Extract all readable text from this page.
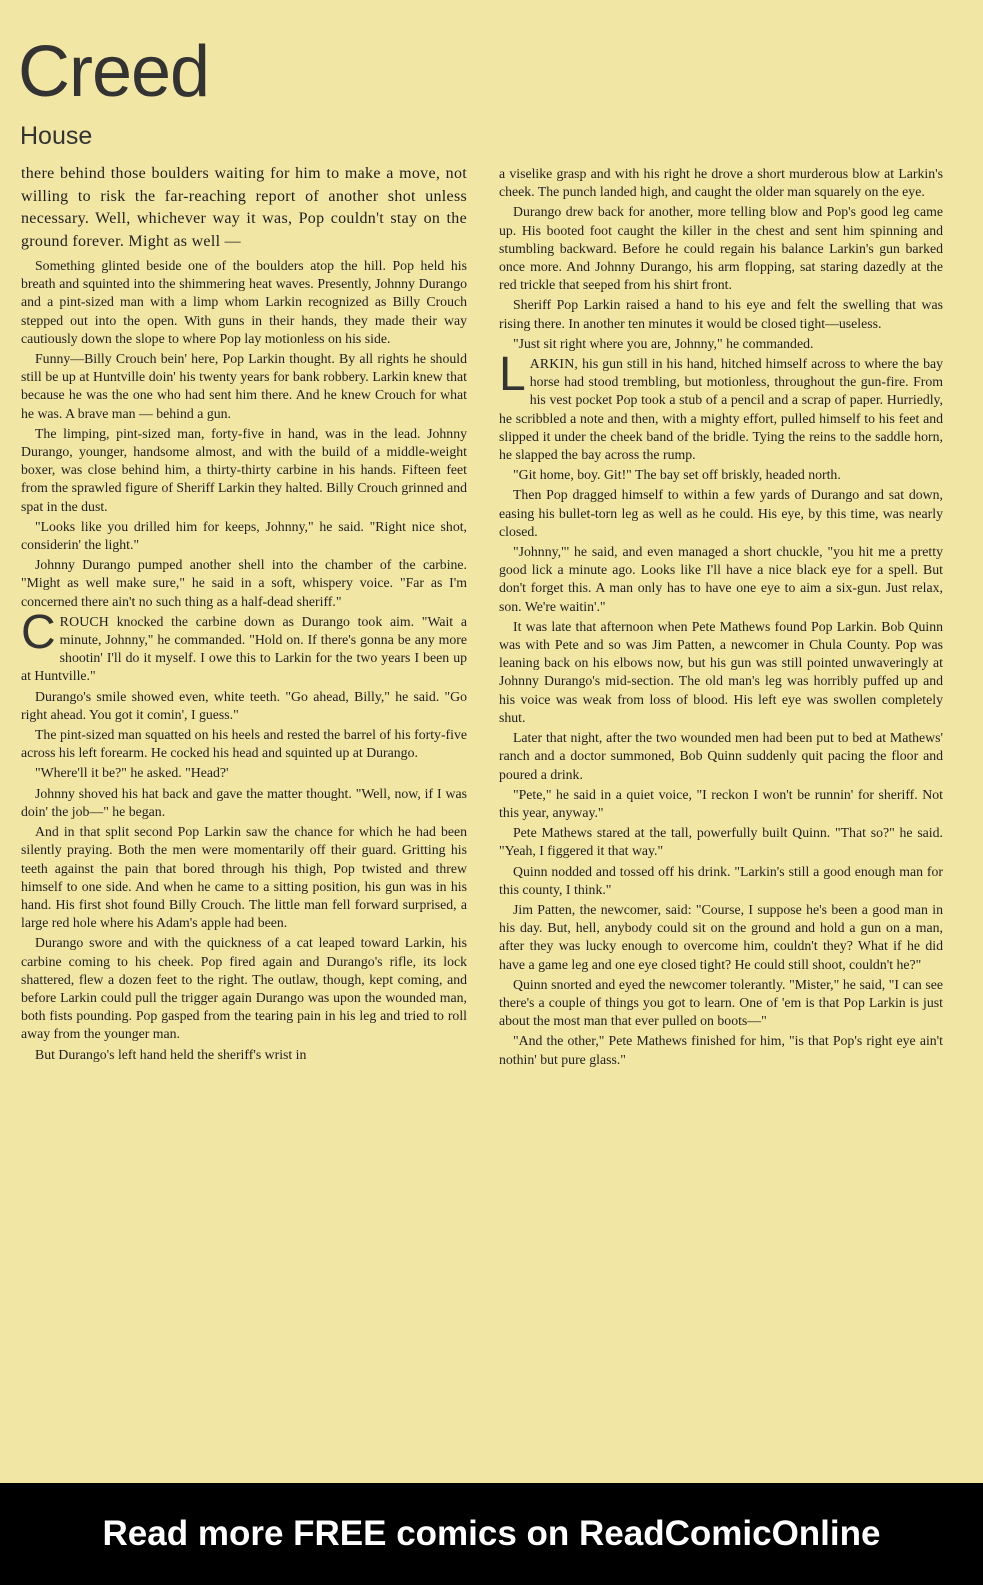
Creed
House

there behind those boulders waiting for him to make a move, not willing to risk the far-reaching report of another shot unless necessary. Well, whichever way it was, Pop couldn't stay on the ground forever. Might as well —

Something glinted beside one of the boulders atop the hill. Pop held his breath and squinted into the shimmering heat waves. Presently, Johnny Durango and a pint-sized man with a limp whom Larkin recognized as Billy Crouch stepped out into the open. With guns in their hands, they made their way cautiously down the slope to where Pop lay motionless on his side.

Funny—Billy Crouch bein' here, Pop Larkin thought. By all rights he should still be up at Huntville doin' his twenty years for bank robbery. Larkin knew that because he was the one who had sent him there. And he knew Crouch for what he was. A brave man — behind a gun.

The limping, pint-sized man, forty-five in hand, was in the lead. Johnny Durango, younger, handsome almost, and with the build of a middle-weight boxer, was close behind him, a thirty-thirty carbine in his hands. Fifteen feet from the sprawled figure of Sheriff Larkin they halted. Billy Crouch grinned and spat in the dust.

"Looks like you drilled him for keeps, Johnny," he said. "Right nice shot, considerin' the light."

Johnny Durango pumped another shell into the chamber of the carbine. "Might as well make sure," he said in a soft, whispery voice. "Far as I'm concerned there ain't no such thing as a half-dead sheriff."

CROUCH knocked the carbine down as Durango took aim. "Wait a minute, Johnny," he commanded. "Hold on. If there's gonna be any more shootin' I'll do it myself. I owe this to Larkin for the two years I been up at Huntville."

Durango's smile showed even, white teeth. "Go ahead, Billy," he said. "Go right ahead. You got it comin', I guess."

The pint-sized man squatted on his heels and rested the barrel of his forty-five across his left forearm. He cocked his head and squinted up at Durango.

"Where'll it be?" he asked. "Head?'

Johnny shoved his hat back and gave the matter thought. "Well, now, if I was doin' the job—" he began.

And in that split second Pop Larkin saw the chance for which he had been silently praying. Both the men were momentarily off their guard. Gritting his teeth against the pain that bored through his thigh, Pop twisted and threw himself to one side. And when he came to a sitting position, his gun was in his hand. His first shot found Billy Crouch. The little man fell forward surprised, a large red hole where his Adam's apple had been.

Durango swore and with the quickness of a cat leaped toward Larkin, his carbine coming to his cheek. Pop fired again and Durango's rifle, its lock shattered, flew a dozen feet to the right. The outlaw, though, kept coming, and before Larkin could pull the trigger again Durango was upon the wounded man, both fists pounding. Pop gasped from the tearing pain in his leg and tried to roll away from the younger man.

But Durango's left hand held the sheriff's wrist in

a viselike grasp and with his right he drove a short murderous blow at Larkin's cheek. The punch landed high, and caught the older man squarely on the eye.

Durango drew back for another, more telling blow and Pop's good leg came up. His booted foot caught the killer in the chest and sent him spinning and stumbling backward. Before he could regain his balance Larkin's gun barked once more. And Johnny Durango, his arm flopping, sat staring dazedly at the red trickle that seeped from his shirt front.

Sheriff Pop Larkin raised a hand to his eye and felt the swelling that was rising there. In another ten minutes it would be closed tight—useless.

"Just sit right where you are, Johnny," he commanded.

LARKIN, his gun still in his hand, hitched himself across to where the bay horse had stood trembling, but motionless, throughout the gun-fire. From his vest pocket Pop took a stub of a pencil and a scrap of paper. Hurriedly, he scribbled a note and then, with a mighty effort, pulled himself to his feet and slipped it under the cheek band of the bridle. Tying the reins to the saddle horn, he slapped the bay across the rump.

"Git home, boy. Git!" The bay set off briskly, headed north.

Then Pop dragged himself to within a few yards of Durango and sat down, easing his bullet-torn leg as well as he could. His eye, by this time, was nearly closed.

"Johnny,"' he said, and even managed a short chuckle, "you hit me a pretty good lick a minute ago. Looks like I'll have a nice black eye for a spell. But don't forget this. A man only has to have one eye to aim a six-gun. Just relax, son. We're waitin'."

It was late that afternoon when Pete Mathews found Pop Larkin. Bob Quinn was with Pete and so was Jim Patten, a newcomer in Chula County. Pop was leaning back on his elbows now, but his gun was still pointed unwaveringly at Johnny Durango's mid-section. The old man's leg was horribly puffed up and his voice was weak from loss of blood. His left eye was swollen completely shut.

Later that night, after the two wounded men had been put to bed at Mathews' ranch and a doctor summoned, Bob Quinn suddenly quit pacing the floor and poured a drink.

"Pete," he said in a quiet voice, "I reckon I won't be runnin' for sheriff. Not this year, anyway."

Pete Mathews stared at the tall, powerfully built Quinn. "That so?" he said. "Yeah, I figgered it that way."

Quinn nodded and tossed off his drink. "Larkin's still a good enough man for this county, I think."

Jim Patten, the newcomer, said: "Course, I suppose he's been a good man in his day. But, hell, anybody could sit on the ground and hold a gun on a man, after they was lucky enough to overcome him, couldn't they? What if he did have a game leg and one eye closed tight? He could still shoot, couldn't he?"

Quinn snorted and eyed the newcomer tolerantly. "Mister," he said, "I can see there's a couple of things you got to learn. One of 'em is that Pop Larkin is just about the most man that ever pulled on boots—"

"And the other," Pete Mathews finished for him, "is that Pop's right eye ain't nothin' but pure glass."

Read more FREE comics on ReadComicOnline
